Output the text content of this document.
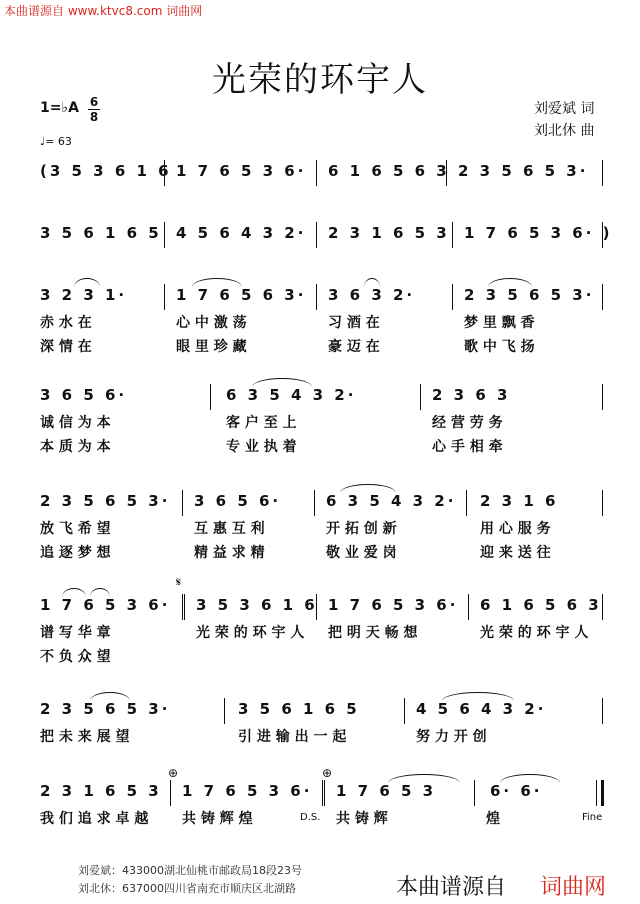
本曲谱源自 www.ktvc8.com 词曲网
光荣的环宇人
刘爱斌 词
刘北休 曲
1=♭A 6
8
♩= 63
(3 5 3 6 1 6 1 7 6 5 3 6· 6 1 6 5 6 3 2 3 5 6 5 3·
3 5 6 1 6 5 4 5 6 4 3 2· 2 3 1 6 5 3 1 7 6 5 3 6· )
3 2 3 1·	1 7 6 5 6 3· 3 6 3 2·	2 3 5 6 5 3·
赤 水 在	心 中 激 荡	习 酒 在	梦 里 飘 香
深 情 在	眼 里 珍 藏	豪 迈 在	歌 中 飞 扬
3 6 5 6·	6 3 5 4 3 2·	2 3 6 3
诚 信 为 本	客 户 至 上	经 营 劳 务
本 质 为 本	专 业 执 着	心 手 相 牵
2 3 5 6 5 3· 3 6 5 6·	6 3 5 4 3 2· 2 3 1 6
放 飞 希 望	互 惠 互 利	开 拓 创 新	用 心 服 务
追 逐 梦 想	精 益 求 精	敬 业 爱 岗	迎 来 送 往
𝄋
1 7 6 5 3 6· 3 5 3 6 1 6 1 7 6 5 3 6· 6 1 6 5 6 3
谱 写 华 章	光 荣 的 环 宇 人 把 明 天 畅 想	光 荣 的 环 宇 人
不 负 众 望
2 3 5 6 5 3·	3 5 6 1 6 5	4 5 6 4 3 2·
把 未 来 展 望	引 进 输 出 一 起	努 力 开 创
⊕	⊕
2 3 1 6 5 3 1 7 6 5 3 6· 1 7 6 5 3	6· 6·
我 们 追 求 卓 越 共 铸 辉 煌	D.S. 共 铸 辉	煌	Fine
刘爱斌：433000湖北仙桃市邮政局18段23号
刘北休：637000四川省南充市顺庆区北湖路	本曲谱源自 词曲网
